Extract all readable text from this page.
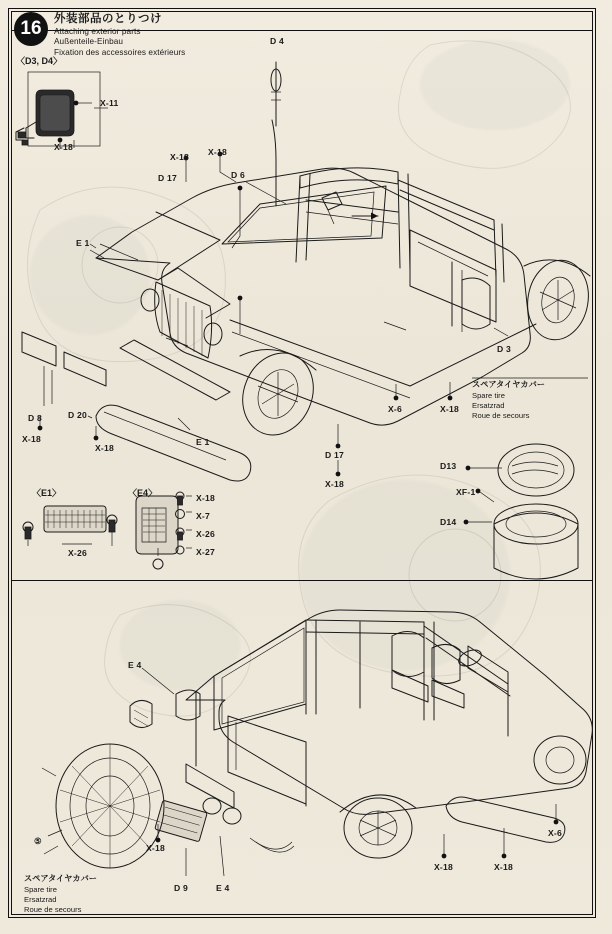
16	外装部品のとりつけ
Attaching exterior parts
Außenteile-Einbau
Fixation des accessoires extérieurs
〈D3, D4〉
〈E1〉	〈E4〉
スペアタイヤカバー
Spare tire
Ersatzrad
Roue de secours
スペアタイヤカバー
Spare tire
Ersatzrad
Roue de secours
D 4
X-11
X-18
X-18
D 17
X-18
D 6
E 1
D 3
D 8
X-18
D 20
X-18
E 1
X-6	X-18
D 17
X-18
D13
XF-1
D14
X-26
X-18
X-7
X-26
X-27
E 4
⑤
X-18
D 9	E 4
X-18	X-18
X-6
